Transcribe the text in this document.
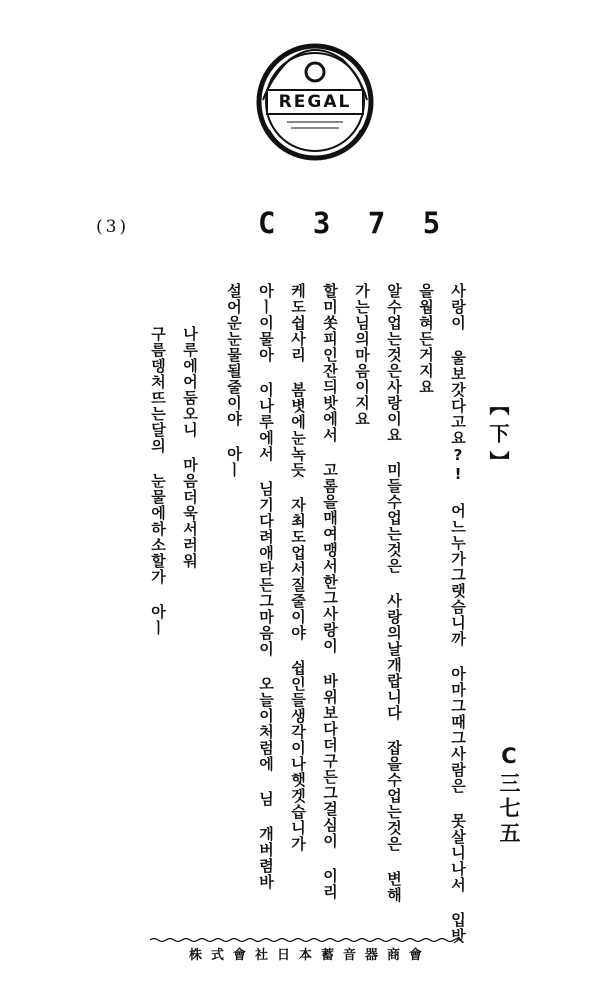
REGAL
(3)	C 3 7 5
【下】
C三七五
사랑이 울보갓다고요?! 어느누가그랫슴니까 아마그때그사람은 못살니나서 입밧
을웜혀든거지요
알수업는것은사랑이요 미들수업는것은 사랑의날개랍니다 잡을수업는것은 변해
가는님의마음이지요
할미쏫피인잔듸밧에서 고롬을매여맹서한그사랑이 바위보다더구든그걸심이 이리
케도쉽사리 봄볏에눈녹듯 자최도업서질줄이야 쉽인들생각이나햇겟습니가
아ㅣ이물아 이나루에서 님기다려애타든그마음이 오늘이처럼에 님 개버렴바
설어운눈물될줄이야 아ㅣ
나루에어둠오니 마음더욱서러워
구름뎅처뜨는달의 눈물에하소할가 아ㅣ
株式會社日本蓄音器商會
